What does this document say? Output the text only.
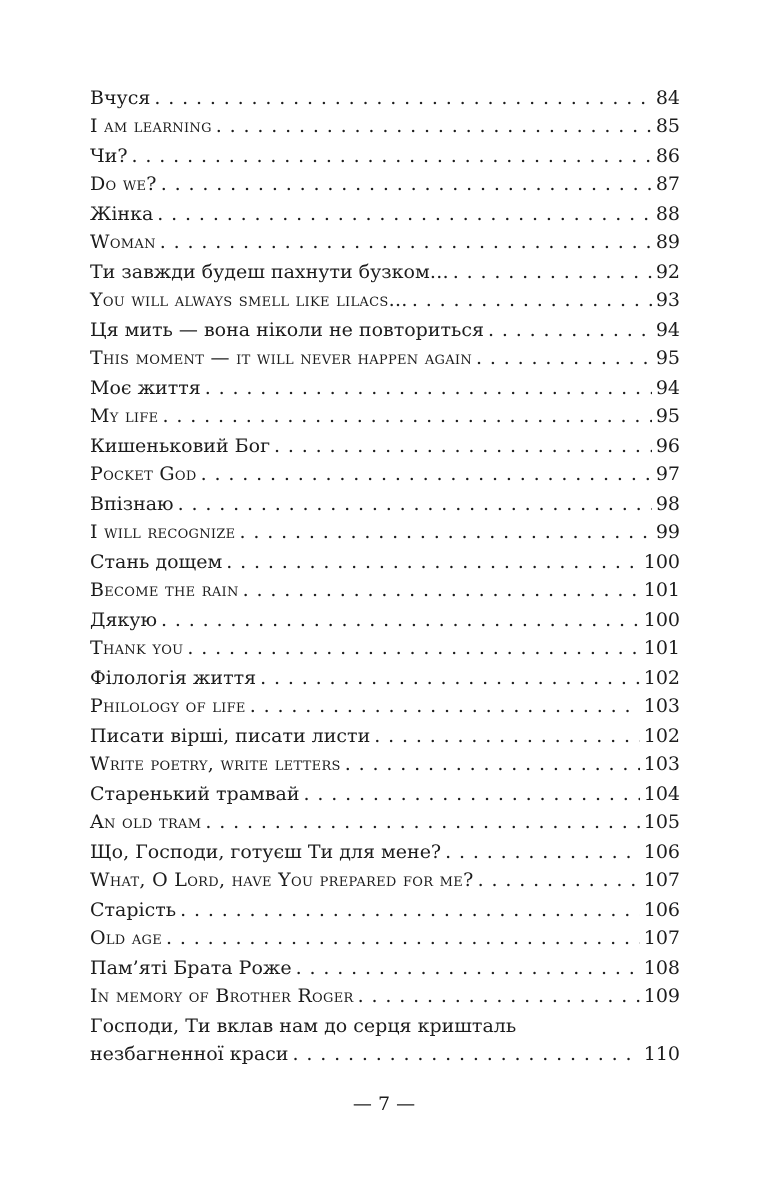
Вчуся . . .	84
I am learning . . .	85
Чи? . . .	86
Do we? . . .	87
Жінка . . .	88
Woman . . .	89
Ти завжди будеш пахнути бузком… . . .	92
You will always smell like lilacs… . . .	93
Ця мить — вона ніколи не повториться . . .	94
This moment — it will never happen again . . .	95
Моє життя . . .	94
My life . . .	95
Кишеньковий Бог . . .	96
Pocket God . . .	97
Впізнаю . . .	98
I will recognize . . .	99
Стань дощем . . .	100
Become the rain . . .	101
Дякую . . .	100
Thank you . . .	101
Філологія життя . . .	102
Philology of life . . .	103
Писати вірші, писати листи . . .	102
Write poetry, write letters . . .	103
Старенький трамвай . . .	104
An old tram . . .	105
Що, Господи, готуєш Ти для мене? . . .	106
What, O Lord, have You prepared for me? . . .	107
Старість . . .	106
Old age . . .	107
Пам’яті Брата Роже . . .	108
In memory of Brother Roger . . .	109
Господи, Ти вклав нам до серця кришталь
незбагненної краси . . .	110
— 7 —
